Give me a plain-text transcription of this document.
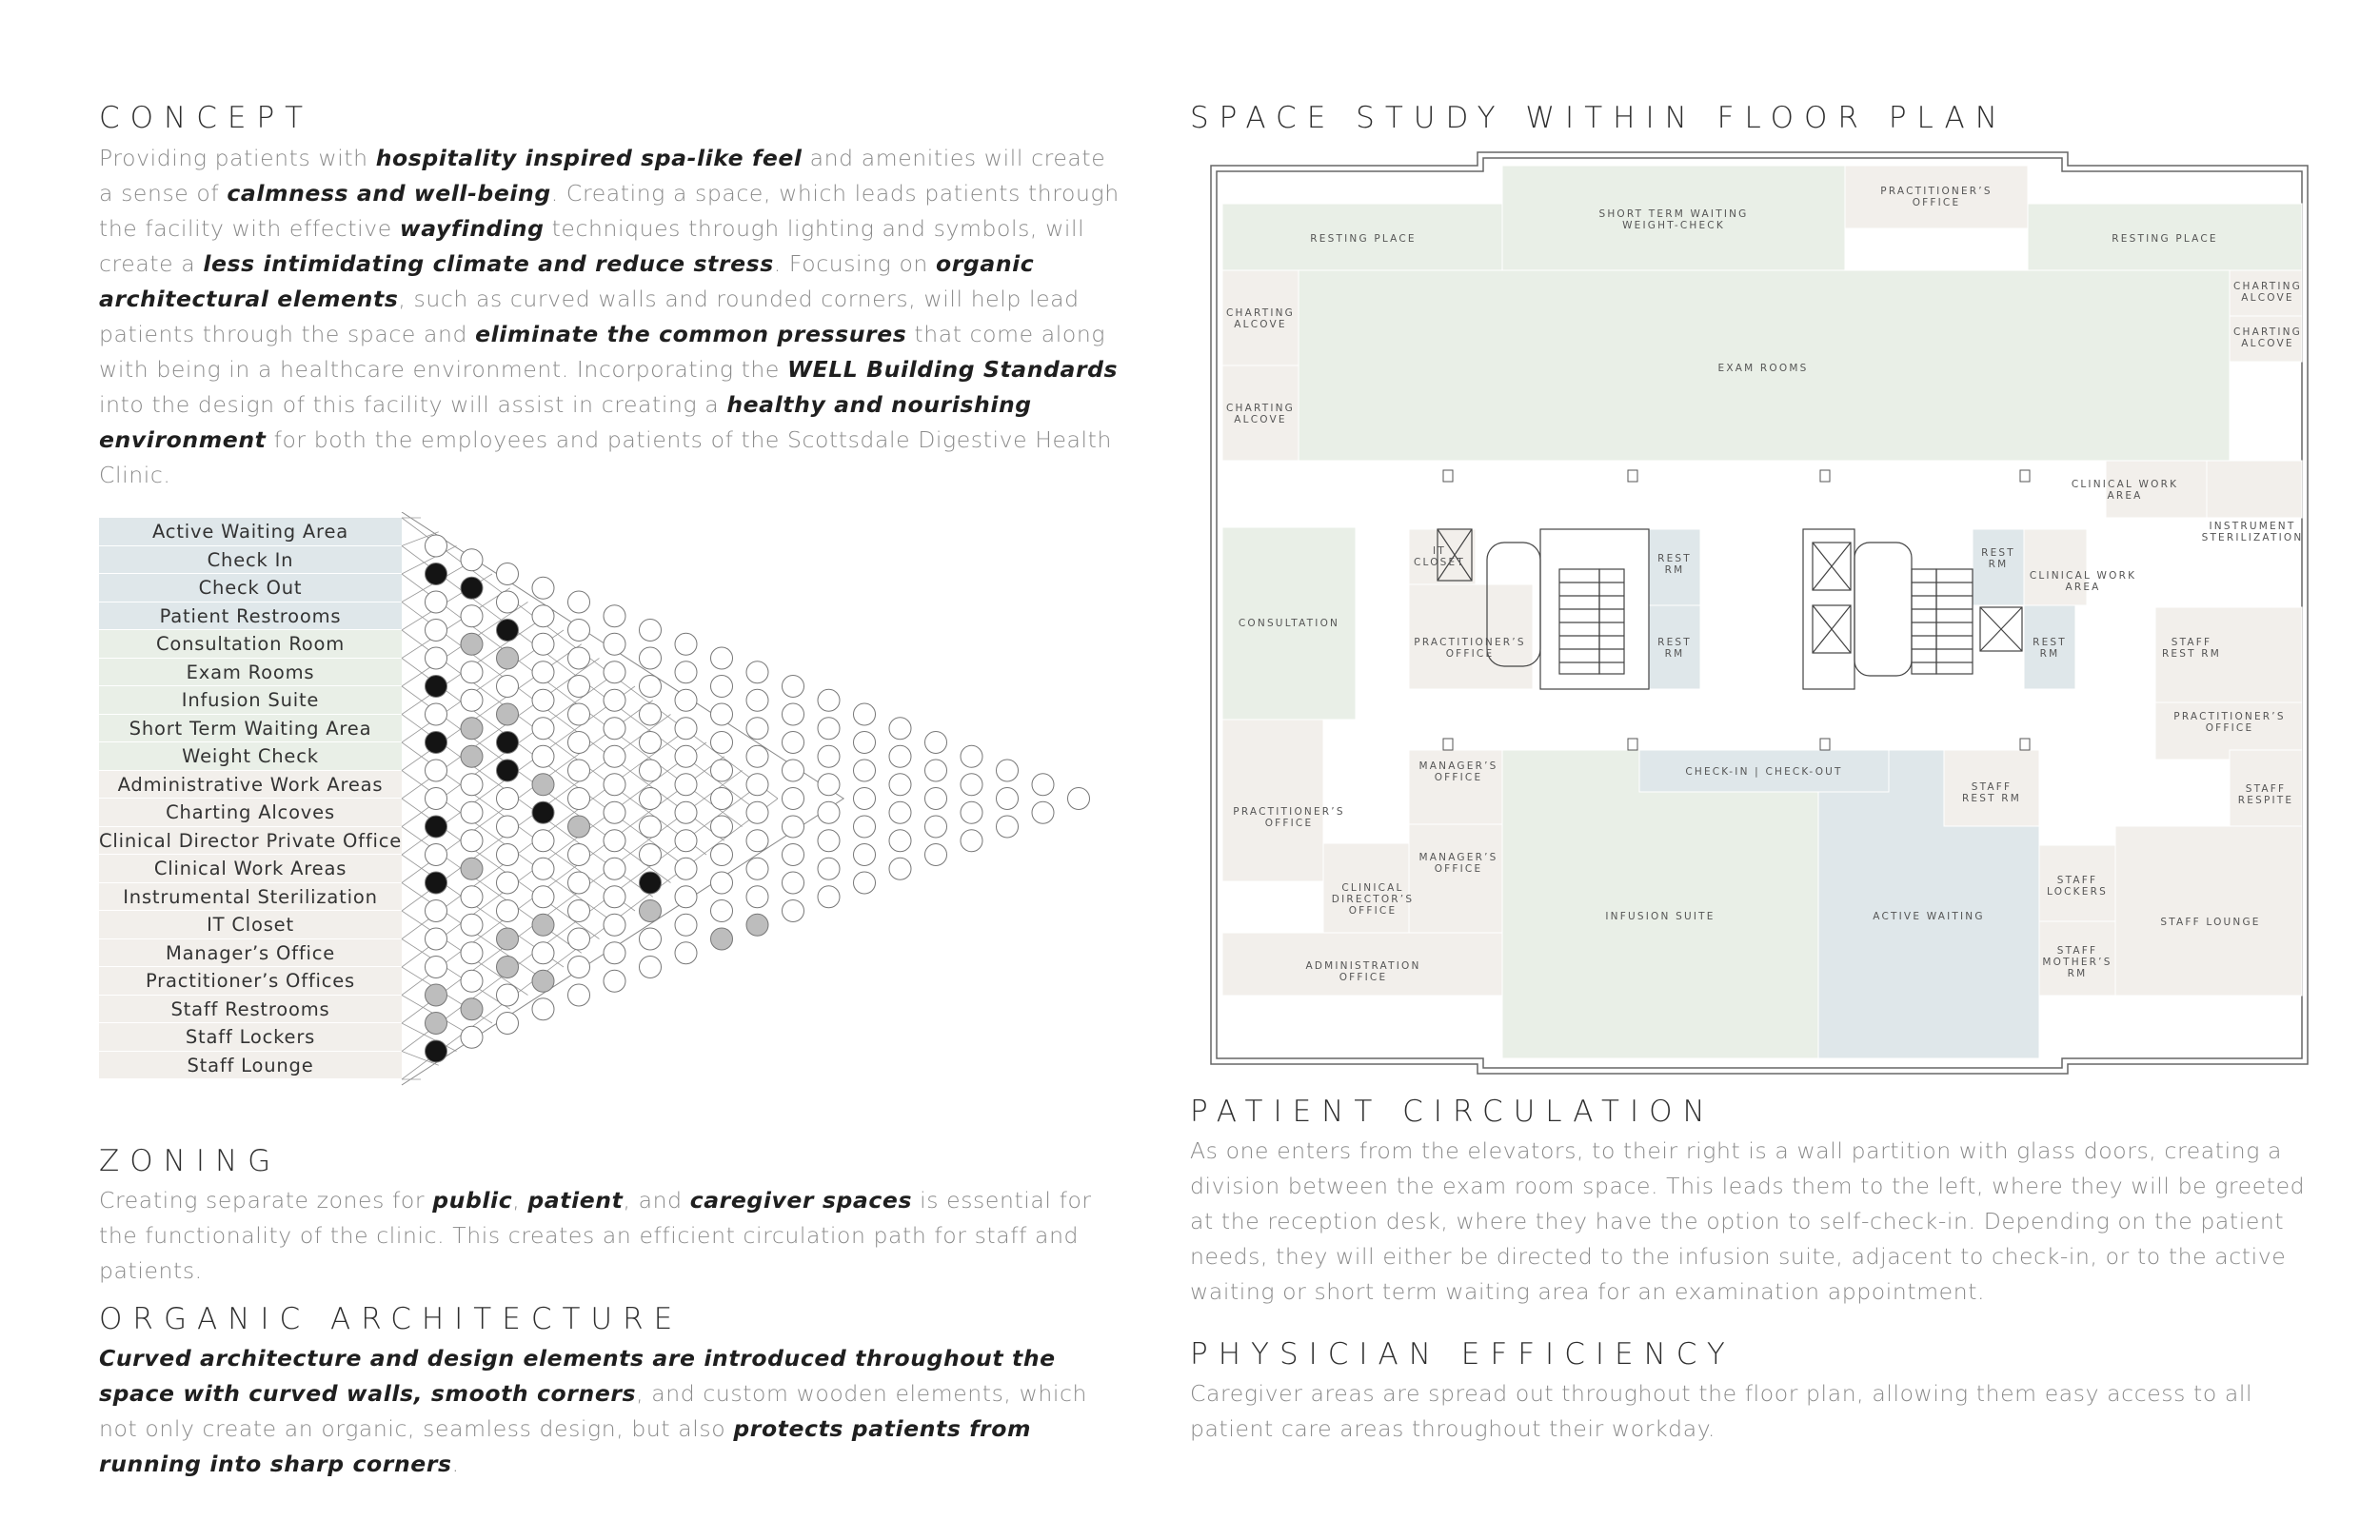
CONCEPT

Providing patients with hospitality inspired spa-like feel and amenities will create a sense of calmness and well-being. Creating a space, which leads patients through the facility with effective wayfinding techniques through lighting and symbols, will create a less intimidating climate and reduce stress. Focusing on organic architectural elements, such as curved walls and rounded corners, will help lead patients through the space and eliminate the common pressures that come along with being in a healthcare environment. Incorporating the WELL Building Standards into the design of this facility will assist in creating a healthy and nourishing environment for both the employees and patients of the Scottsdale Digestive Health Clinic.

Active Waiting Area
Check In
Check Out
Patient Restrooms
Consultation Room
Exam Rooms
Infusion Suite
Short Term Waiting Area
Weight Check
Administrative Work Areas
Charting Alcoves
Clinical Director Private Office
Clinical Work Areas
Instrumental Sterilization
IT Closet
Manager’s Office
Practitioner’s Offices
Staff Restrooms
Staff Lockers
Staff Lounge
ZONING

Creating separate zones for public, patient, and caregiver spaces is essential for the functionality of the clinic. This creates an efficient circulation path for staff and patients.

ORGANIC ARCHITECTURE

Curved architecture and design elements are introduced throughout the space with curved walls, smooth corners, and custom wooden elements, which not only create an organic, seamless design, but also protects patients from running into sharp corners.

SPACE STUDY WITHIN FLOOR PLAN
RESTING PLACE
SHORT TERM WAITING WEIGHT-CHECK
PRACTITIONER’S OFFICE
RESTING PLACE
CHARTING ALCOVE
CHARTING ALCOVE
CHARTING ALCOVE
CHARTING ALCOVE
EXAM ROOMS
CLINICAL WORK AREA
INSTRUMENT STERILIZATION
CONSULTATION
IT CLOSET
PRACTITIONER’S OFFICE
REST RM
REST RM
REST RM
REST RM
CLINICAL WORK AREA
STAFF REST RM
PRACTITIONER’S OFFICE
MANAGER’S OFFICE	CHECK-IN | CHECK-OUT
STAFF REST RM
STAFF RESPITE
PRACTITIONER’S OFFICE
MANAGER’S OFFICE
CLINICAL DIRECTOR’S OFFICE	INFUSION SUITE	ACTIVE WAITING
STAFF LOCKERS
STAFF LOUNGE
STAFF MOTHER’S RM
ADMINISTRATION OFFICE
PATIENT CIRCULATION

As one enters from the elevators, to their right is a wall partition with glass doors, creating a division between the exam room space. This leads them to the left, where they will be greeted at the reception desk, where they have the option to self-check-in. Depending on the patient needs, they will either be directed to the infusion suite, adjacent to check-in, or to the active waiting or short term waiting area for an examination appointment.

PHYSICIAN EFFICIENCY

Caregiver areas are spread out throughout the floor plan, allowing them easy access to all patient care areas throughout their workday.
